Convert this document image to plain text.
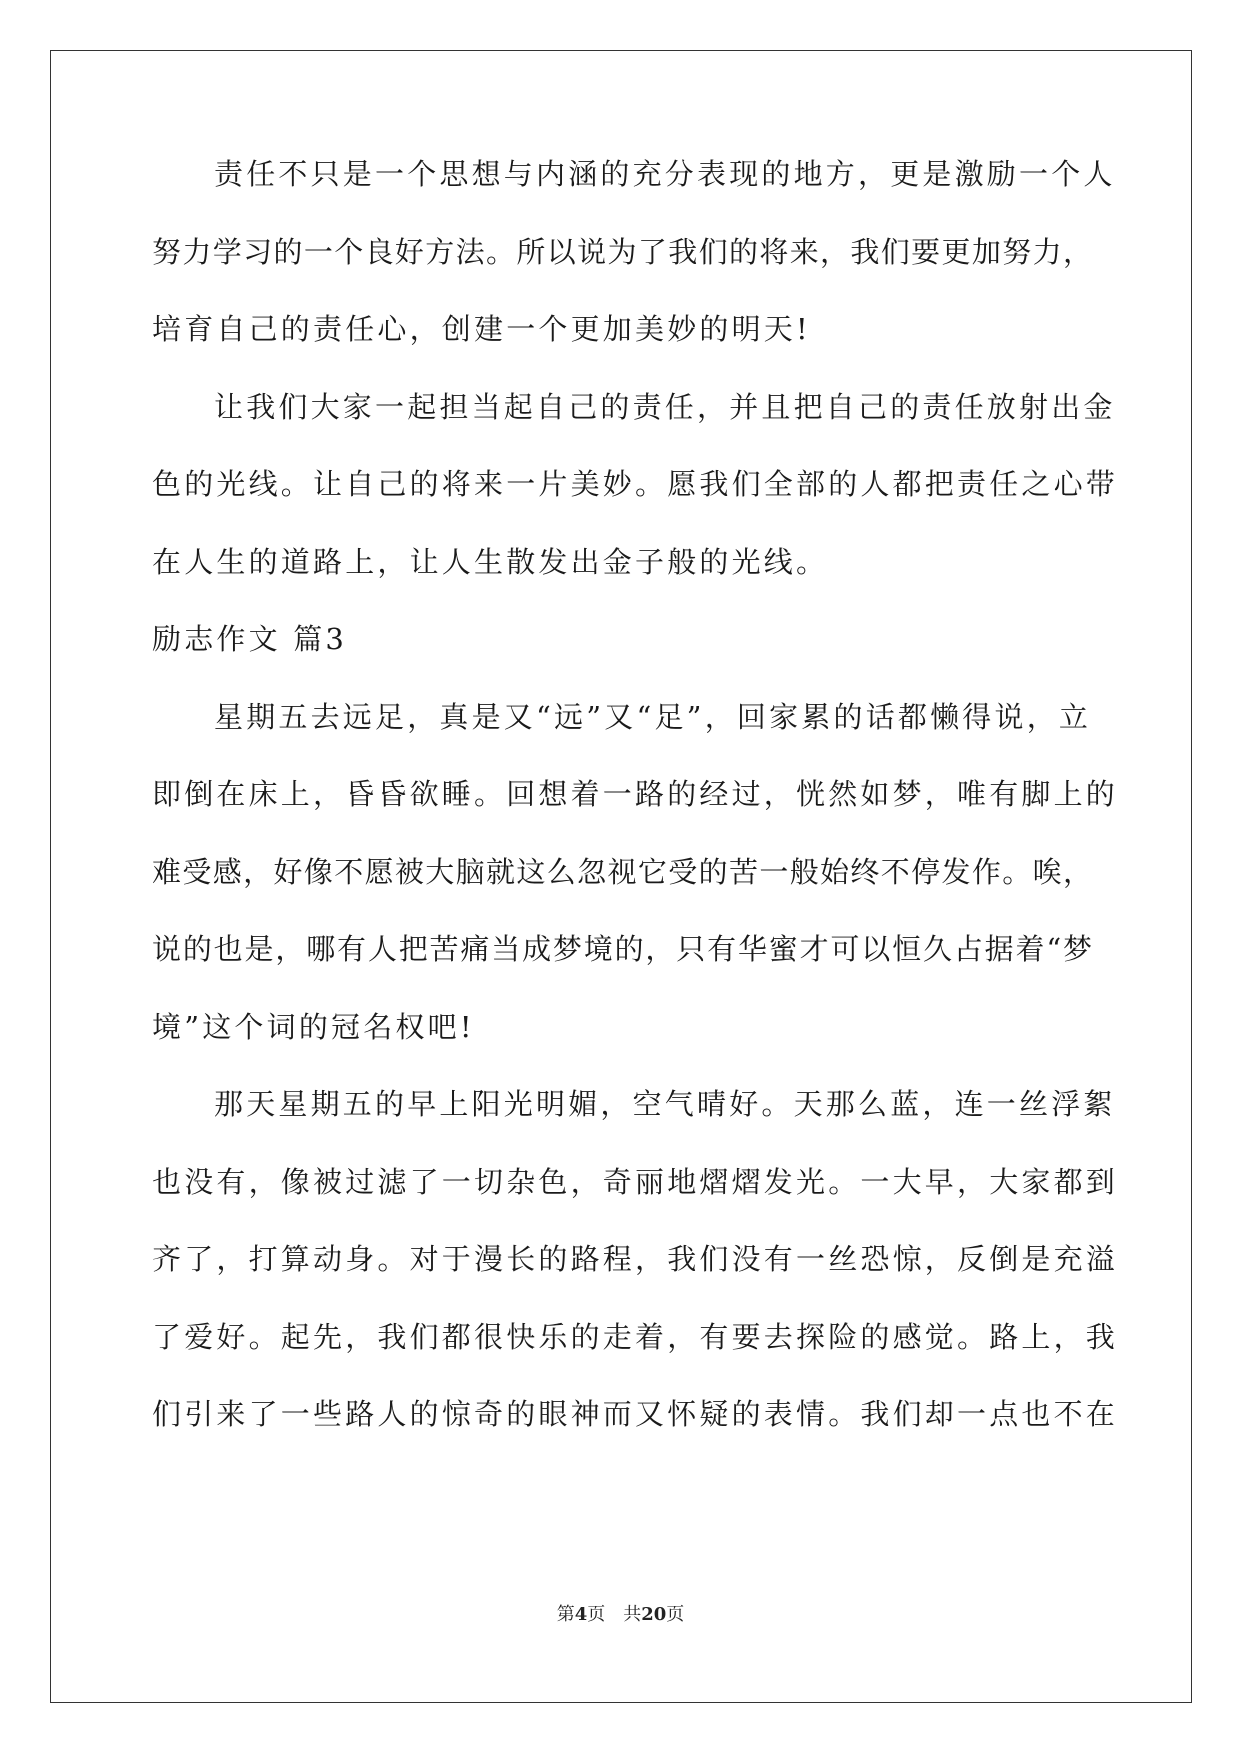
责任不只是一个思想与内涵的充分表现的地方，更是激励一个人
努力学习的一个良好方法。所以说为了我们的将来，我们要更加努力，
培育自己的责任心，创建一个更加美妙的明天!
让我们大家一起担当起自己的责任，并且把自己的责任放射出金
色的光线。让自己的将来一片美妙。愿我们全部的人都把责任之心带
在人生的道路上，让人生散发出金子般的光线。
励志作文 篇3
星期五去远足，真是又“远”又“足”，回家累的话都懒得说，立
即倒在床上，昏昏欲睡。回想着一路的经过，恍然如梦，唯有脚上的
难受感，好像不愿被大脑就这么忽视它受的苦一般始终不停发作。唉，
说的也是，哪有人把苦痛当成梦境的，只有华蜜才可以恒久占据着“梦
境”这个词的冠名权吧!
那天星期五的早上阳光明媚，空气晴好。天那么蓝，连一丝浮絮
也没有，像被过滤了一切杂色，奇丽地熠熠发光。一大早，大家都到
齐了，打算动身。对于漫长的路程，我们没有一丝恐惊，反倒是充溢
了爱好。起先，我们都很快乐的走着，有要去探险的感觉。路上，我
们引来了一些路人的惊奇的眼神而又怀疑的表情。我们却一点也不在
第4页　共20页
